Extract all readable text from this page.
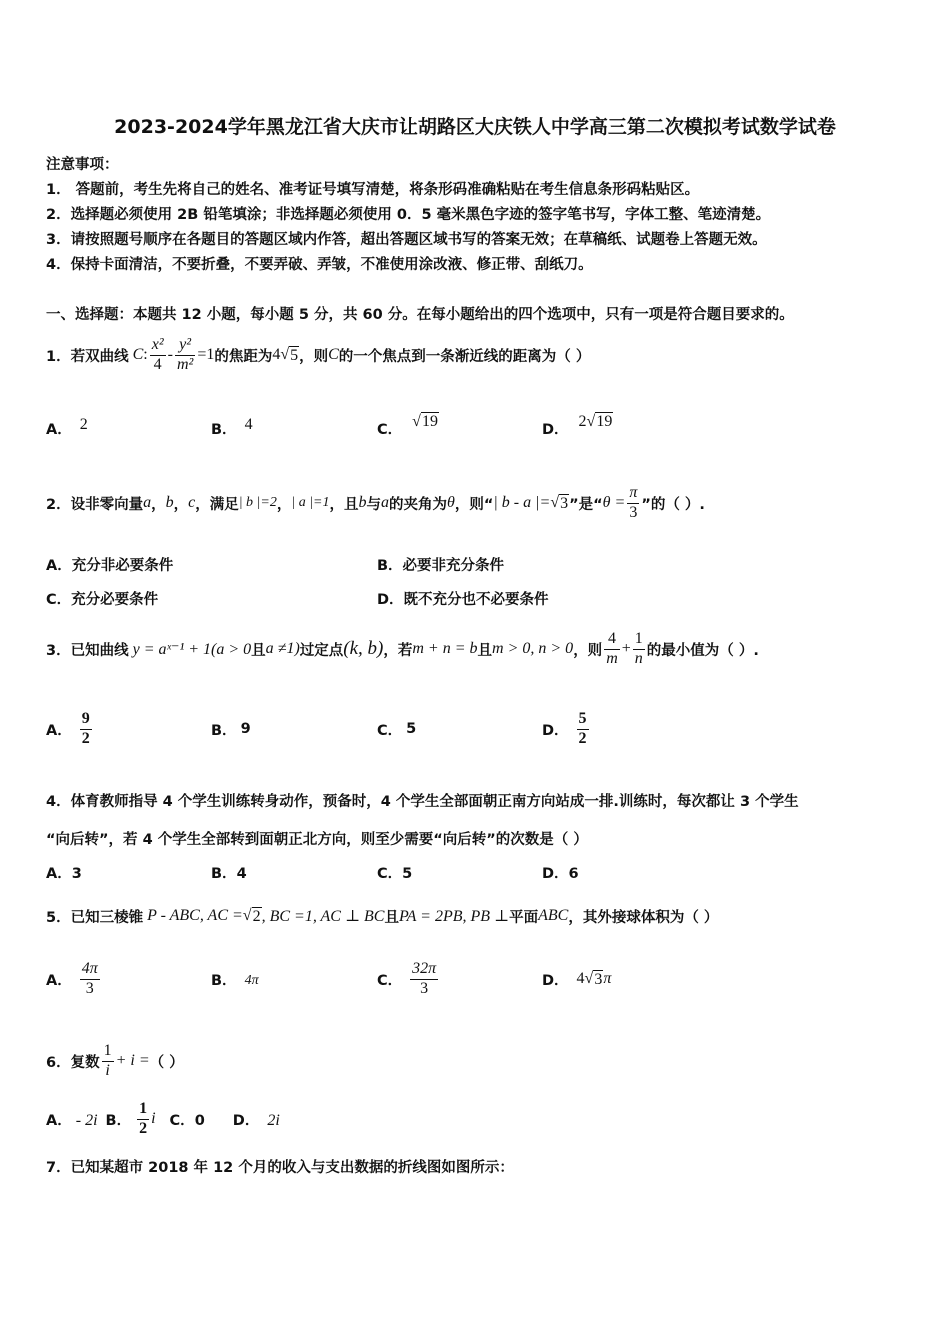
2023-2024学年黑龙江省大庆市让胡路区大庆铁人中学高三第二次模拟考试数学试卷
注意事项：
1． 答题前，考生先将自己的姓名、准考证号填写清楚，将条形码准确粘贴在考生信息条形码粘贴区。
2．选择题必须使用 2B 铅笔填涂；非选择题必须使用 0．5 毫米黑色字迹的签字笔书写，字体工整、笔迹清楚。
3．请按照题号顺序在各题目的答题区域内作答，超出答题区域书写的答案无效；在草稿纸、试题卷上答题无效。
4．保持卡面清洁，不要折叠，不要弄破、弄皱，不准使用涂改液、修正带、刮纸刀。
一、选择题：本题共 12 小题，每小题 5 分，共 60 分。在每小题给出的四个选项中，只有一项是符合题目要求的。
1．若双曲线 C : $\frac{\text{x²}}{4} - \frac{\text{y²}}{\text{m²}} =1$ 的焦距为 4 √ 5 ，则 C 的一个焦点到一条渐近线的距离为（ ）
A． 2	B． 4	C． √19	D． 2√19
2．设非零向量 a ， b ， c ，满足 | b |=2 ， | a |=1 ，且 b 与 a 的夹角为 θ ，则“ | b - a |= √ 3 ”是“ $\theta = \frac{\pi}{3}$ ”的（ ）.
A．充分非必要条件	B．必要非充分条件
C．充分必要条件	D．既不充分也不必要条件
3．已知曲线 y = aˣ⁻¹ + 1(a > 0 且 a ≠1) 过定点 (k, b) ，若 m + n = b 且 m > 0, n > 0 ，则 $\frac{4}{m} + \frac{1}{n}$ 的最小值为（ ）.
A． $\frac{9}{2}$	B． 9	C． 5	D． $\frac{5}{2}$
4．体育教师指导 4 个学生训练转身动作，预备时，4 个学生全部面朝正南方向站成一排.训练时，每次都让 3 个学生
“向后转”，若 4 个学生全部转到面朝正北方向，则至少需要“向后转”的次数是（ ）
A．3	B．4	C．5	D．6
5．已知三棱锥 P - ABC, AC = √ 2 , BC =1, AC ⊥ BC 且 PA = 2PB, PB ⊥ 平面 ABC ，其外接球体积为（ ）
A． $\frac{4\pi}{3}$	B． 4π	C． $\frac{32\pi}{3}$	D． 4 √ 3 π
6．复数 $\frac{1}{i} + i$ = （ ）
A． - 2i B． $\frac{1}{2}$ i C．0	D． 2i
7．已知某超市 2018 年 12 个月的收入与支出数据的折线图如图所示：
